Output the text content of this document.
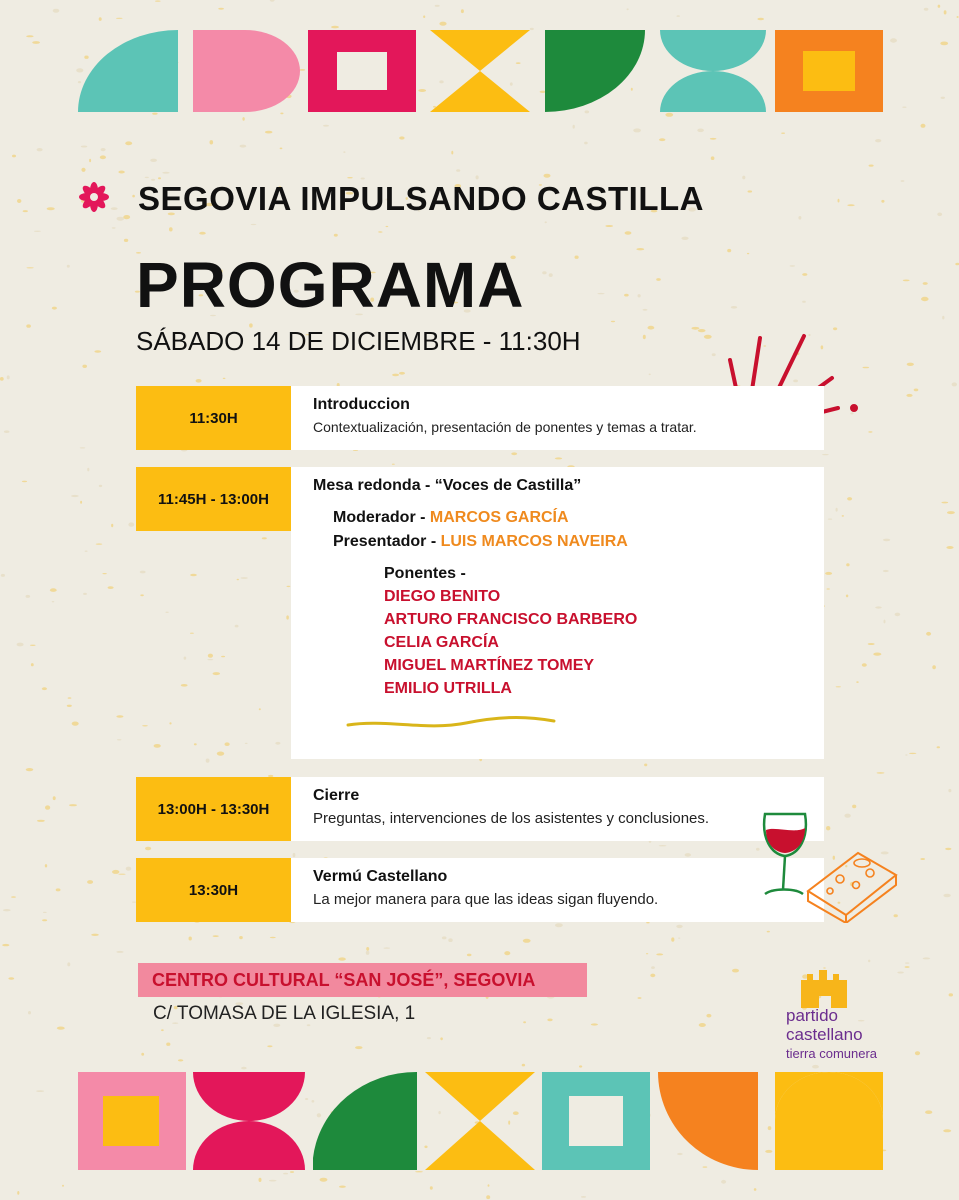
SEGOVIA IMPULSANDO CASTILLA
PROGRAMA
SÁBADO 14 DE DICIEMBRE - 11:30H
11:30H
Introduccion
Contextualización, presentación de ponentes y temas a tratar.
11:45H - 13:00H
Mesa redonda - “Voces de Castilla”
Moderador - MARCOS GARCÍA
Presentador - LUIS MARCOS NAVEIRA
Ponentes -
DIEGO BENITO
ARTURO FRANCISCO BARBERO
CELIA GARCÍA
MIGUEL MARTÍNEZ TOMEY
EMILIO UTRILLA
13:00H - 13:30H
Cierre
Preguntas, intervenciones de los asistentes y conclusiones.
13:30H
Vermú Castellano
La mejor manera para que las ideas sigan fluyendo.
CENTRO CULTURAL “SAN JOSÉ”, SEGOVIA
C/ TOMASA DE LA IGLESIA, 1	partido
castellano
tierra comunera
